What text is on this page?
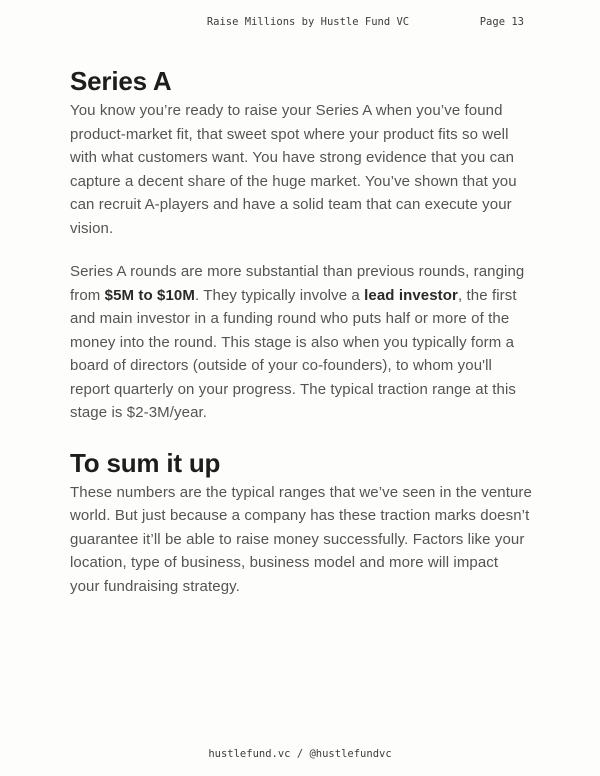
Raise Millions by Hustle Fund VC	Page 13
Series A
You know you’re ready to raise your Series A when you’ve found
product-market fit, that sweet spot where your product fits so well
with what customers want. You have strong evidence that you can
capture a decent share of the huge market. You’ve shown that you
can recruit A-players and have a solid team that can execute your
vision.
Series A rounds are more substantial than previous rounds, ranging
from $5M to $10M. They typically involve a lead investor, the first
and main investor in a funding round who puts half or more of the
money into the round. This stage is also when you typically form a
board of directors (outside of your co-founders), to whom you'll
report quarterly on your progress. The typical traction range at this
stage is $2-3M/year.
To sum it up
These numbers are the typical ranges that we’ve seen in the venture
world. But just because a company has these traction marks doesn’t
guarantee it’ll be able to raise money successfully. Factors like your
location, type of business, business model and more will impact
your fundraising strategy.
hustlefund.vc / @hustlefundvc
